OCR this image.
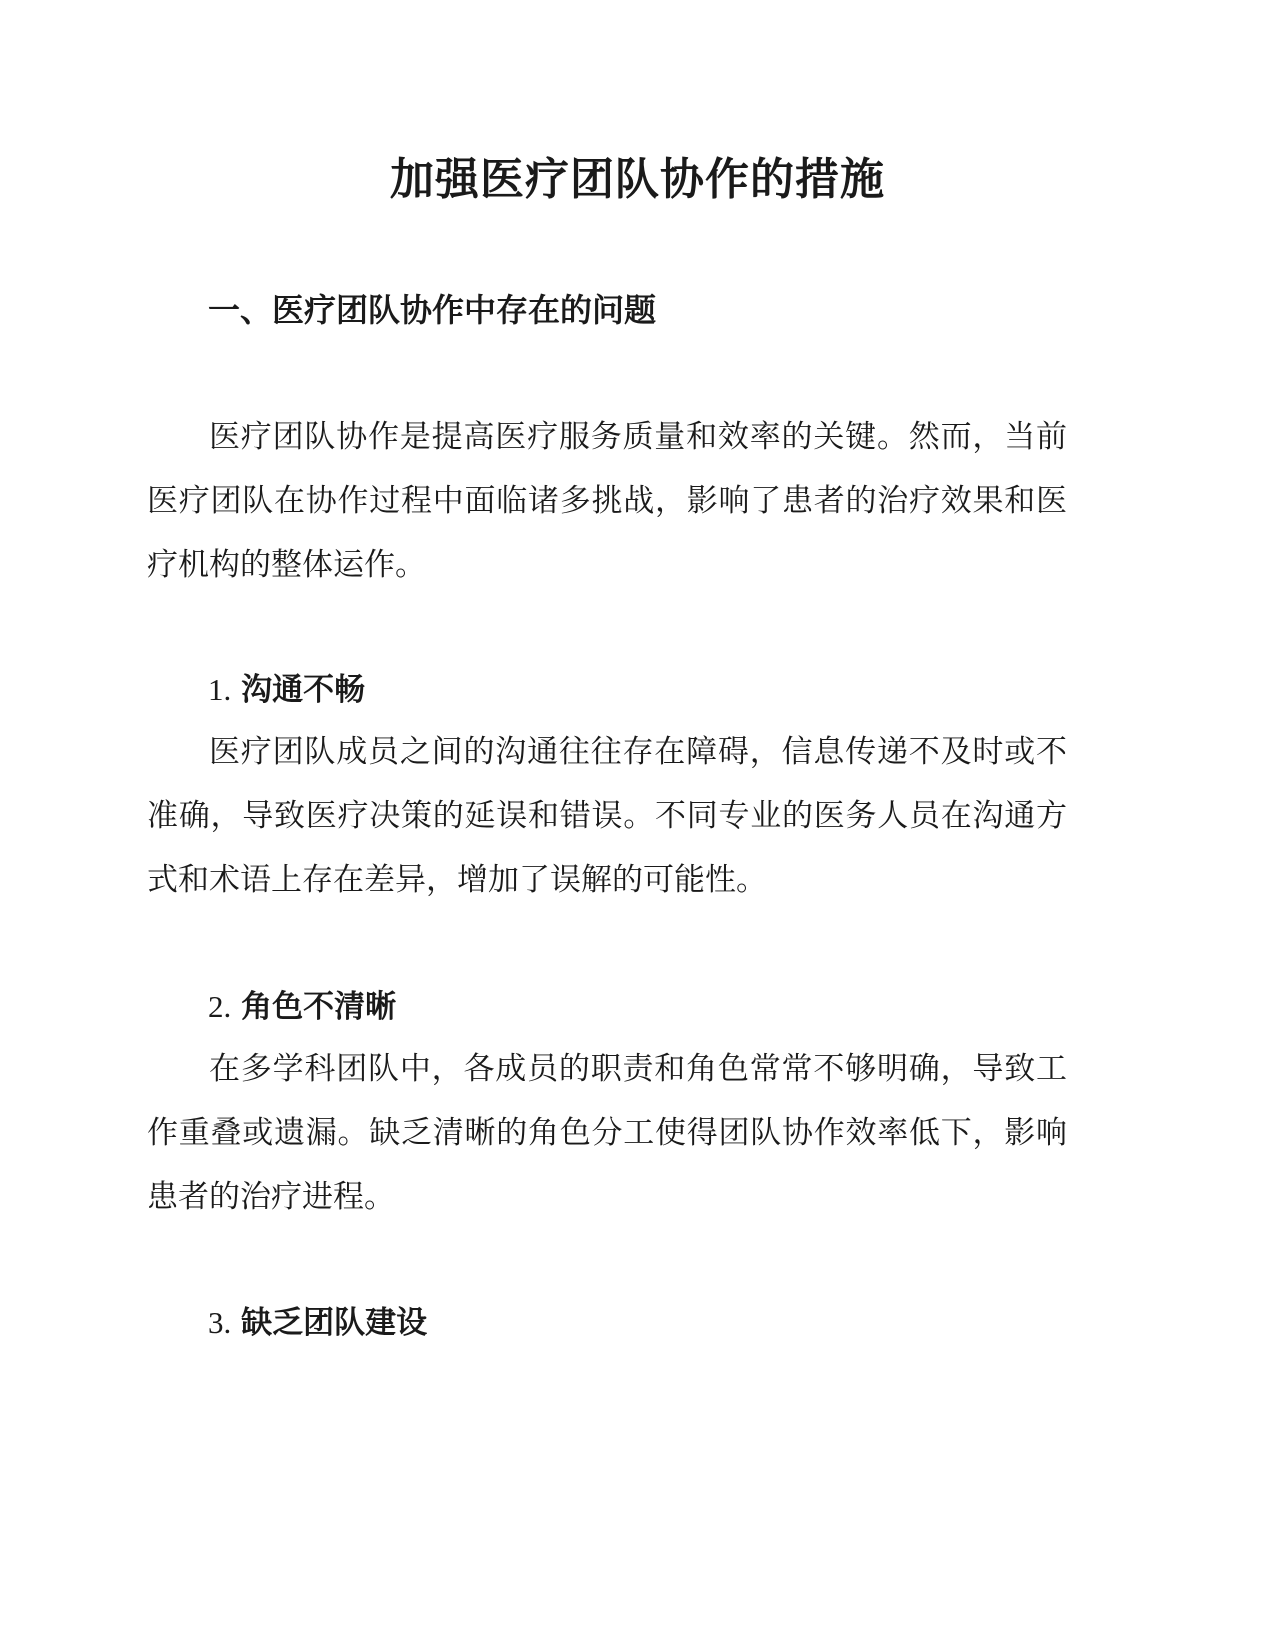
加强医疗团队协作的措施
一、医疗团队协作中存在的问题

医疗团队协作是提高医疗服务质量和效率的关键。然而，当前医疗团队在协作过程中面临诸多挑战，影响了患者的治疗效果和医疗机构的整体运作。

1. 沟通不畅

医疗团队成员之间的沟通往往存在障碍，信息传递不及时或不准确，导致医疗决策的延误和错误。不同专业的医务人员在沟通方式和术语上存在差异，增加了误解的可能性。

2. 角色不清晰

在多学科团队中，各成员的职责和角色常常不够明确，导致工作重叠或遗漏。缺乏清晰的角色分工使得团队协作效率低下，影响患者的治疗进程。

3. 缺乏团队建设
